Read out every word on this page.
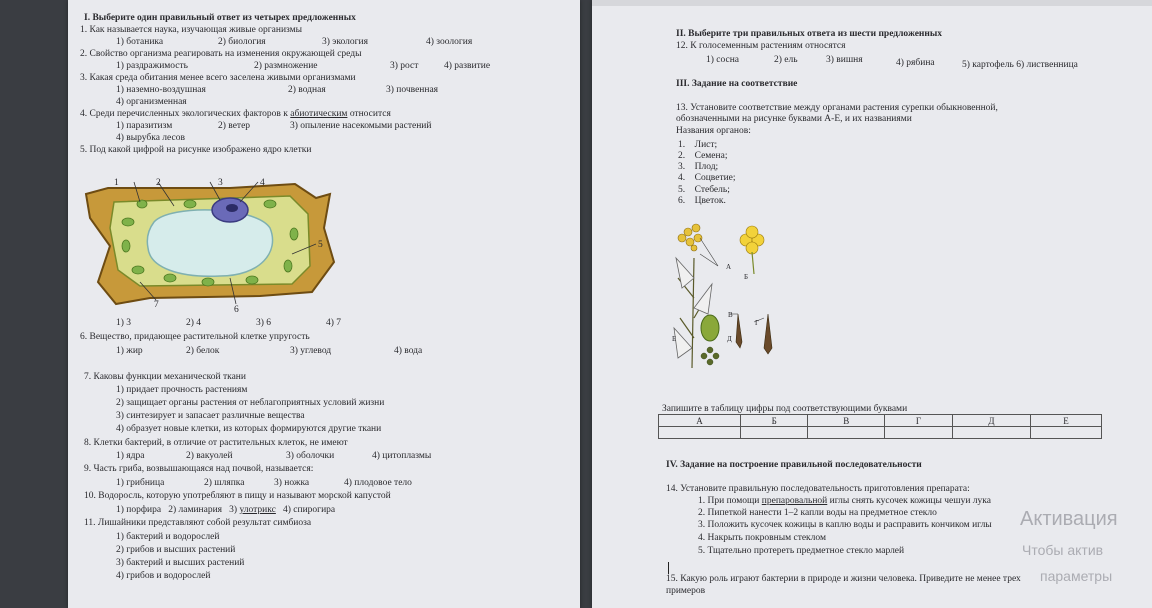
I. Выберите один правильный ответ из четырех предложенных
1. Как называется наука, изучающая живые организмы
1) ботаника	2) биология	3) экология	4) зоология
2. Свойство организма реагировать на изменения окружающей среды
1) раздражимость	2) размножение	3) рост	4) развитие
3. Какая среда обитания менее всего заселена живыми организмами
1) наземно-воздушная	2) водная	3) почвенная
4) организменная
4. Среди перечисленных экологических факторов к абиотическим относится
1) паразитизм	2) ветер	3) опыление насекомыми растений
4) вырубка лесов
5. Под какой цифрой на рисунке изображено ядро клетки
1	2	3	4
5
6
7
1) 3	2) 4	3) 6	4) 7
6. Вещество, придающее растительной клетке упругость
1) жир	2) белок	3) углевод	4) вода
7. Каковы функции механической ткани
1) придает прочность растениям
2) защищает органы растения от неблагоприятных условий жизни
3) синтезирует и запасает различные вещества
4) образует новые клетки, из которых формируются другие ткани
8. Клетки бактерий, в отличие от растительных клеток, не имеют
1) ядра	2) вакуолей	3) оболочки	4) цитоплазмы
9. Часть гриба, возвышающаяся над почвой, называется:
1) грибница	2) шляпка	3) ножка	4) плодовое тело
10. Водоросль, которую употребляют в пищу и называют морской капустой
1) порфира   2) ламинария   3) улотрикс   4) спирогира
11. Лишайники представляют собой результат симбиоза
1) бактерий и водорослей
2) грибов и высших растений
3) бактерий и высших растений
4) грибов и водорослей
II. Выберите три правильных ответа из шести предложенных
12. К голосеменным растениям относятся
1) сосна	2) ель	3) вишня	4) рябина	5) картофель 6) лиственница
III. Задание на соответствие
13. Установите соответствие между органами растения сурепки обыкновенной,
обозначенными на рисунке буквами А-Е, и их названиями
Названия органов:
1.    Лист;
2.    Семена;
3.    Плод;
4.    Соцветие;
5.    Стебель;
6.    Цветок.
А
Б
В
Г
Д
Е
Запишите в таблицу цифры под соответствующими буквами
А	Б	В	Г	Д	Е

IV. Задание на построение правильной последовательности
14. Установите правильную последовательность приготовления препарата:
1. При помощи препаровальной иглы снять кусочек кожицы чешуи лука
2. Пипеткой нанести 1–2 капли воды на предметное стекло
3. Положить кусочек кожицы в каплю воды и расправить кончиком иглы
4. Накрыть покровным стеклом
5. Тщательно протереть предметное стекло марлей
15. Какую роль играют бактерии в природе и жизни человека. Приведите не менее трех
примеров
Активация
Чтобы актив
параметры
